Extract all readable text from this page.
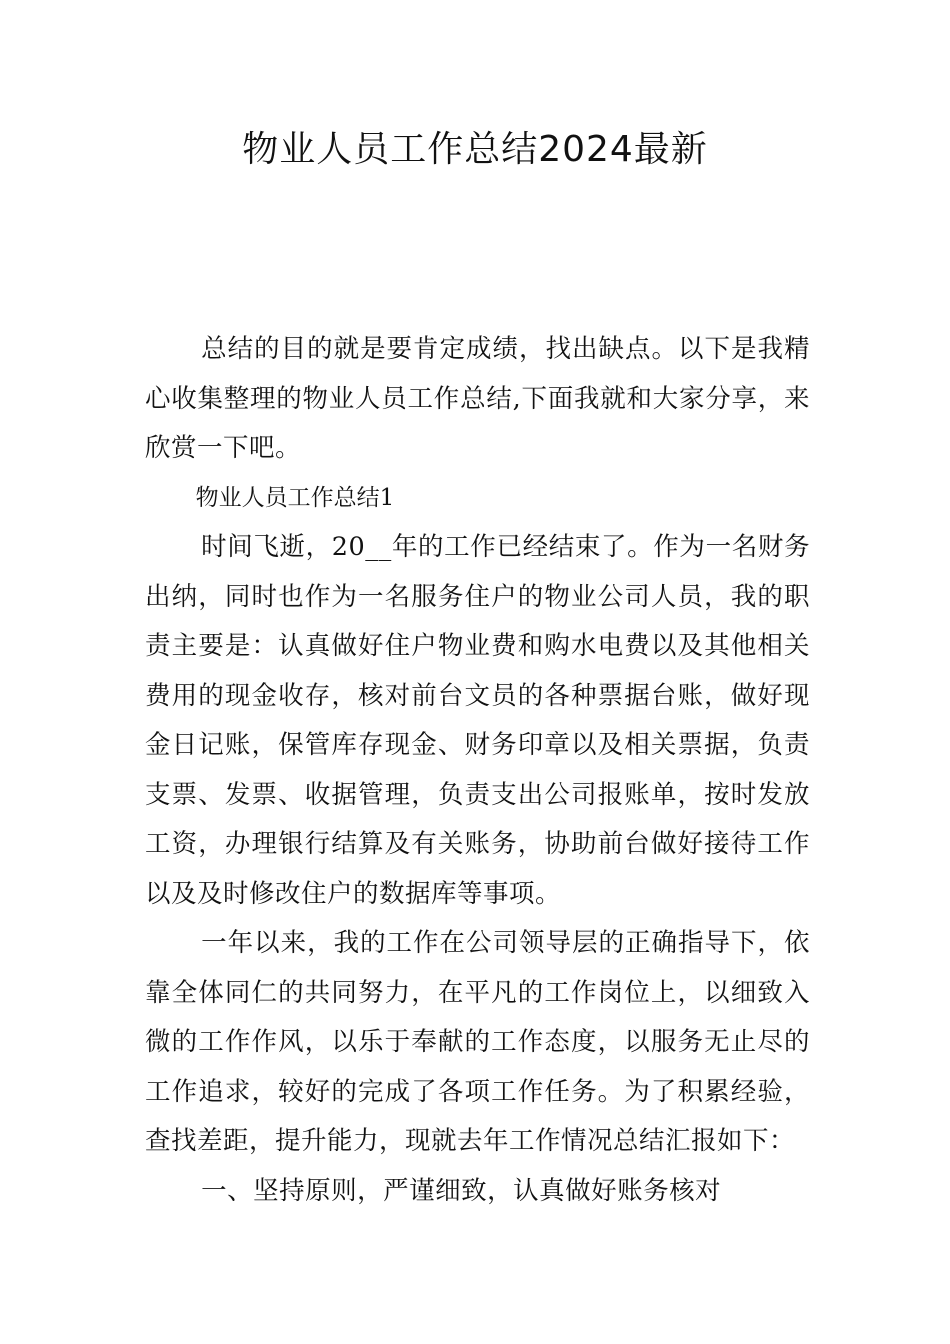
物业人员工作总结2024最新

总结的目的就是要肯定成绩，找出缺点。以下是我精心收集整理的物业人员工作总结,下面我就和大家分享，来欣赏一下吧。

物业人员工作总结1

时间飞逝，20__年的工作已经结束了。作为一名财务出纳，同时也作为一名服务住户的物业公司人员，我的职责主要是：认真做好住户物业费和购水电费以及其他相关费用的现金收存，核对前台文员的各种票据台账，做好现金日记账，保管库存现金、财务印章以及相关票据，负责支票、发票、收据管理，负责支出公司报账单，按时发放工资，办理银行结算及有关账务，协助前台做好接待工作以及及时修改住户的数据库等事项。

一年以来，我的工作在公司领导层的正确指导下，依靠全体同仁的共同努力，在平凡的工作岗位上，以细致入微的工作作风，以乐于奉献的工作态度，以服务无止尽的工作追求，较好的完成了各项工作任务。为了积累经验，查找差距，提升能力，现就去年工作情况总结汇报如下：

一、坚持原则，严谨细致，认真做好账务核对
